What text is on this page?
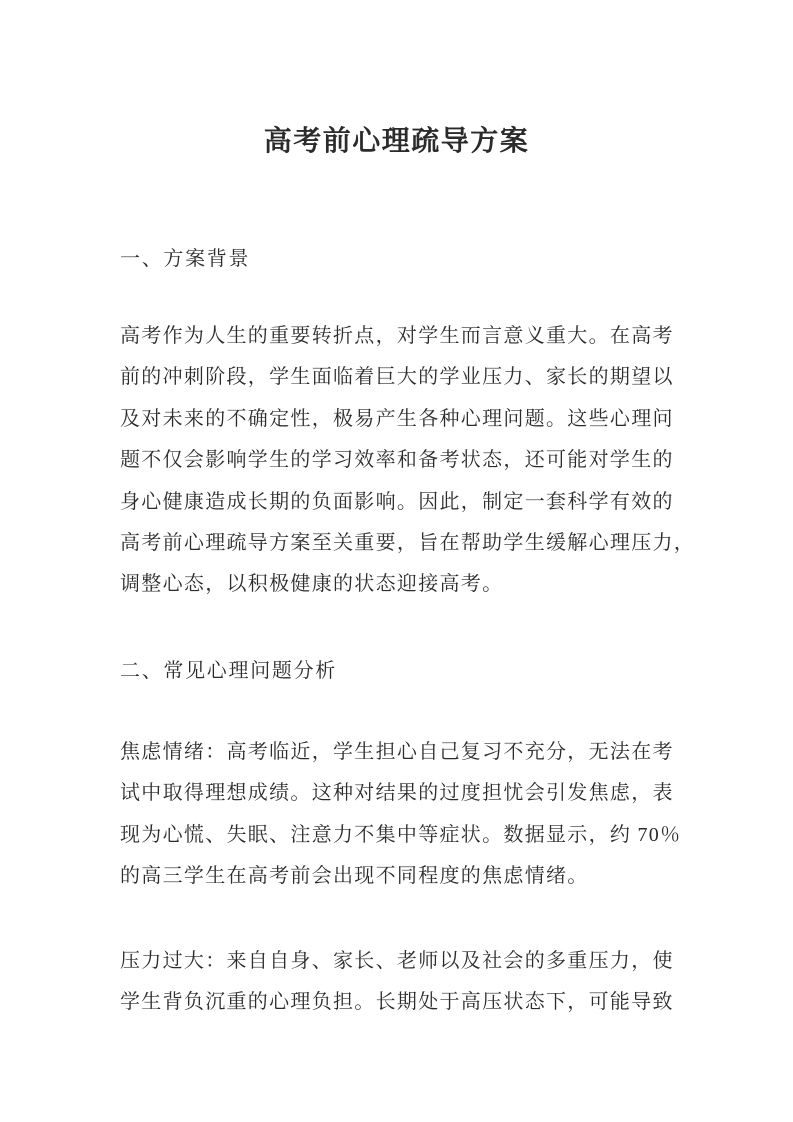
高考前心理疏导方案
一、方案背景
高考作为人生的重要转折点，对学生而言意义重大。在高考
前的冲刺阶段，学生面临着巨大的学业压力、家长的期望以
及对未来的不确定性，极易产生各种心理问题。这些心理问
题不仅会影响学生的学习效率和备考状态，还可能对学生的
身心健康造成长期的负面影响。因此，制定一套科学有效的
高考前心理疏导方案至关重要，旨在帮助学生缓解心理压力，
调整心态，以积极健康的状态迎接高考。
二、常见心理问题分析
焦虑情绪：高考临近，学生担心自己复习不充分，无法在考
试中取得理想成绩。这种对结果的过度担忧会引发焦虑，表
现为心慌、失眠、注意力不集中等症状。数据显示，约 70％
的高三学生在高考前会出现不同程度的焦虑情绪。
压力过大：来自自身、家长、老师以及社会的多重压力，使
学生背负沉重的心理负担。长期处于高压状态下，可能导致
